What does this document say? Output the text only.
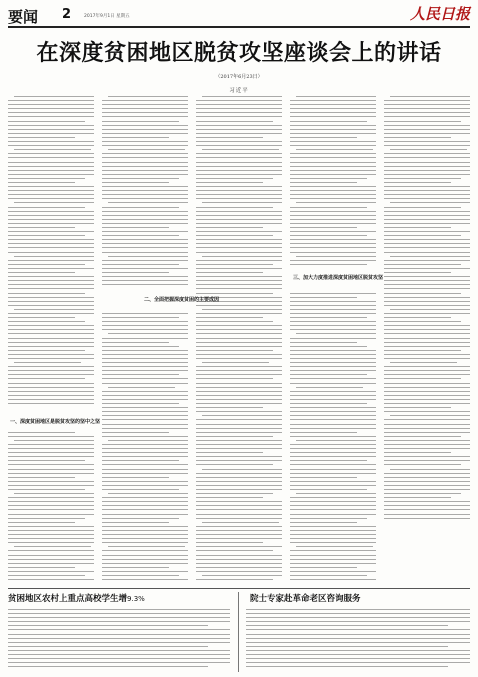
要闻 2	2017年9月1日 星期五	人民日报
在深度贫困地区脱贫攻坚座谈会上的讲话
（2017年6月23日）
习近平
三、加大力度推进深度贫困地区脱贫攻坚
二、全面把握深度贫困的主要成因
一、深度贫困地区是脱贫攻坚的坚中之坚
贫困地区农村上重点高校学生增9.3%	院士专家赴革命老区咨询服务
